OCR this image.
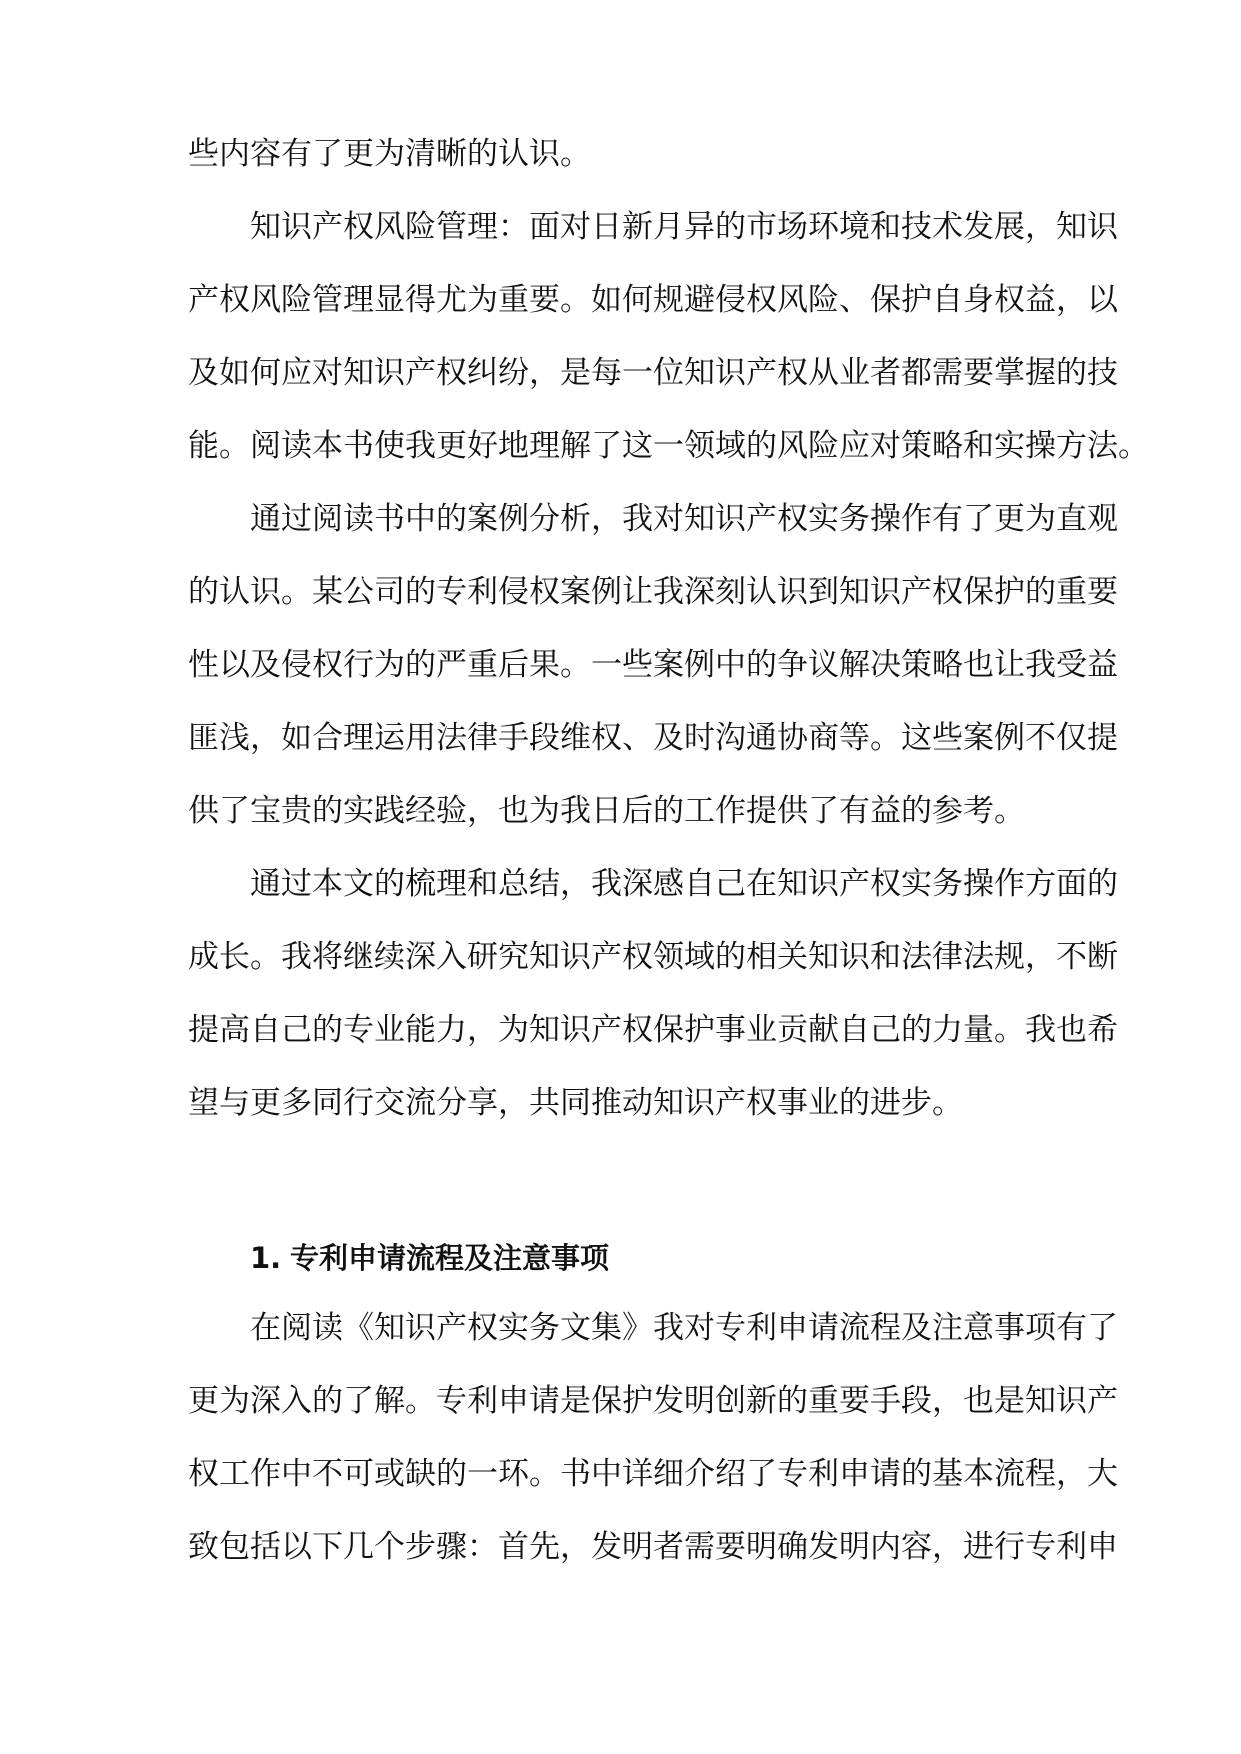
些内容有了更为清晰的认识。
知识产权风险管理：面对日新月异的市场环境和技术发展，知识
产权风险管理显得尤为重要。如何规避侵权风险、保护自身权益，以
及如何应对知识产权纠纷，是每一位知识产权从业者都需要掌握的技
能。阅读本书使我更好地理解了这一领域的风险应对策略和实操方法。
通过阅读书中的案例分析，我对知识产权实务操作有了更为直观
的认识。某公司的专利侵权案例让我深刻认识到知识产权保护的重要
性以及侵权行为的严重后果。一些案例中的争议解决策略也让我受益
匪浅，如合理运用法律手段维权、及时沟通协商等。这些案例不仅提
供了宝贵的实践经验，也为我日后的工作提供了有益的参考。
通过本文的梳理和总结，我深感自己在知识产权实务操作方面的
成长。我将继续深入研究知识产权领域的相关知识和法律法规，不断
提高自己的专业能力，为知识产权保护事业贡献自己的力量。我也希
望与更多同行交流分享，共同推动知识产权事业的进步。
1. 专利申请流程及注意事项
在阅读《知识产权实务文集》我对专利申请流程及注意事项有了
更为深入的了解。专利申请是保护发明创新的重要手段，也是知识产
权工作中不可或缺的一环。书中详细介绍了专利申请的基本流程，大
致包括以下几个步骤：首先，发明者需要明确发明内容，进行专利申
